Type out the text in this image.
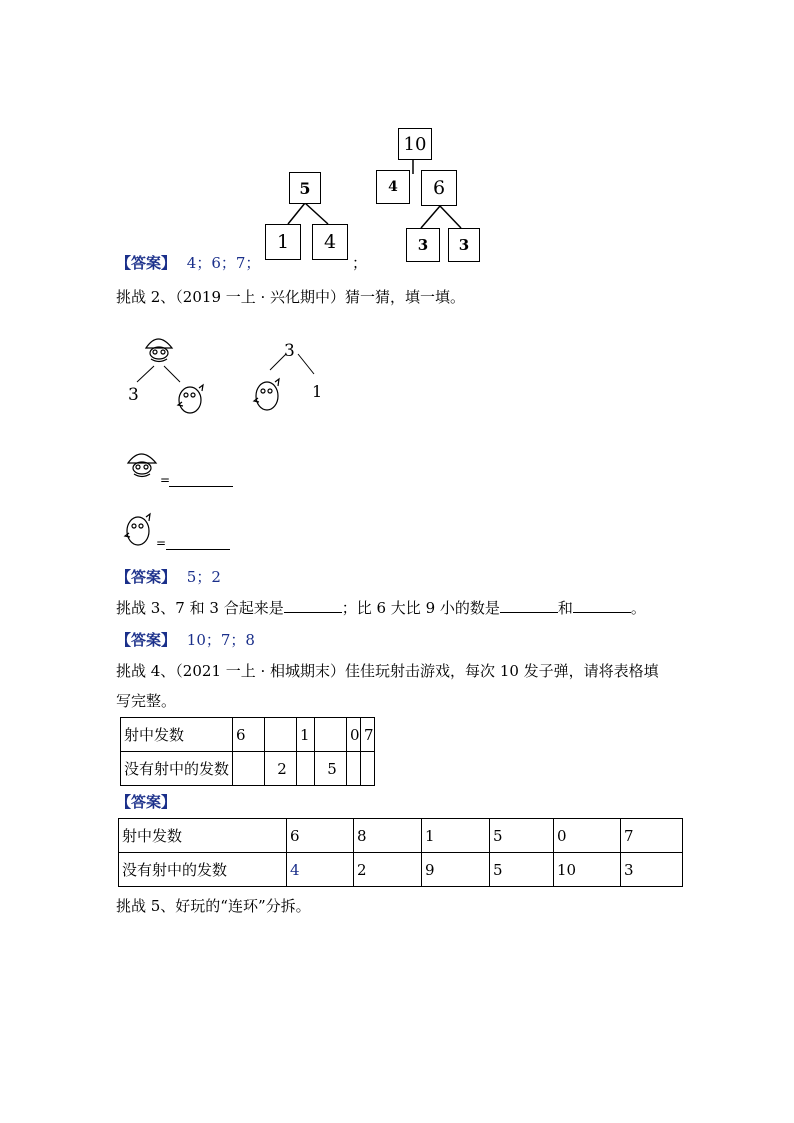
5
1	4
10
4	6
3	3
【答案】 4；6；7；	；
挑战 2、（2019 一上 · 兴化期中）猜一猜，填一填。
3
3
1
=
=
【答案】 5；2
挑战 3、7 和 3 合起来是	；比 6 大比 9 小的数是	和	。
【答案】 10；7；8
挑战 4、（2021 一上 · 相城期末）佳佳玩射击游戏，每次 10 发子弹，请将表格填
写完整。
射中发数	6		1		0	7
没有射中的发数		2		5		
【答案】
射中发数	6	8	1	5	0	7
没有射中的发数	4	2	9	5	10	3
挑战 5、好玩的“连环”分拆。
